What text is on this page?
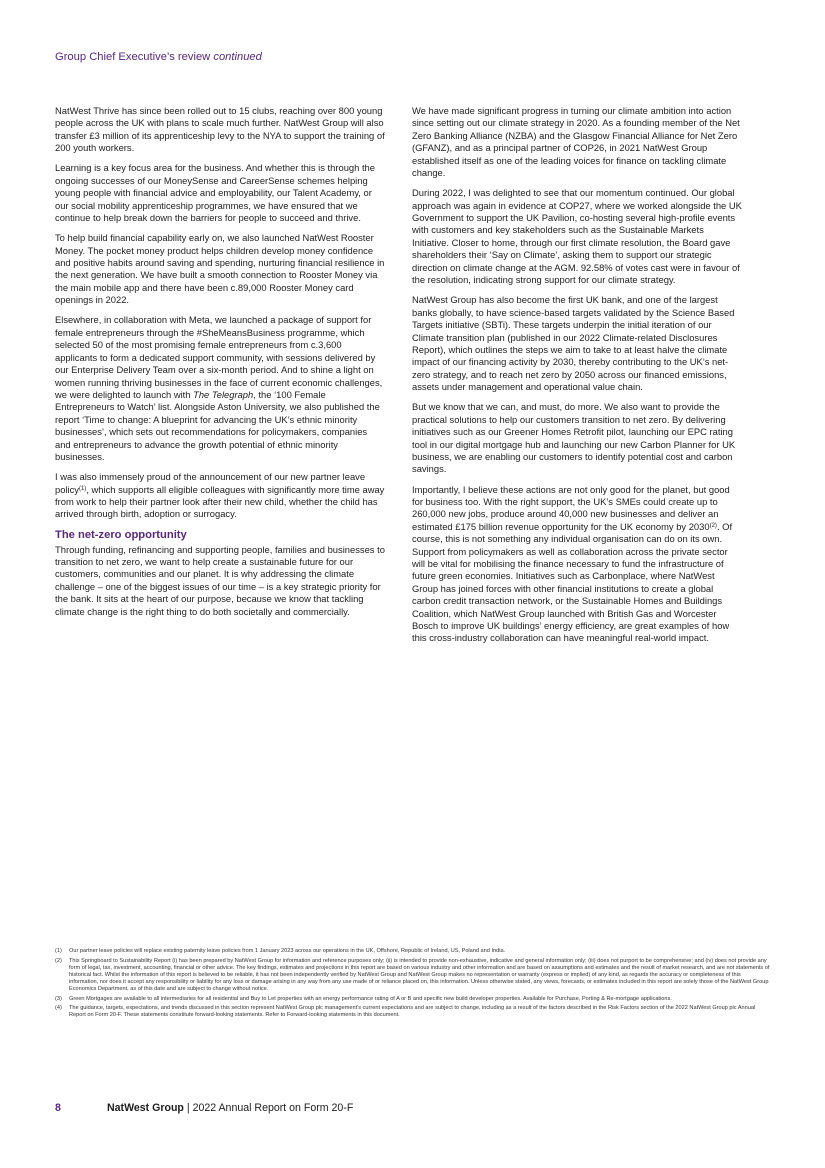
Group Chief Executive’s review continued

NatWest Thrive has since been rolled out to 15 clubs, reaching over 800 young people across the UK with plans to scale much further. NatWest Group will also transfer £3 million of its apprenticeship levy to the NYA to support the training of 200 youth workers.

Learning is a key focus area for the business. And whether this is through the ongoing successes of our MoneySense and CareerSense schemes helping young people with financial advice and employability, our Talent Academy, or our social mobility apprenticeship programmes, we have ensured that we continue to help break down the barriers for people to succeed and thrive.

To help build financial capability early on, we also launched NatWest Rooster Money. The pocket money product helps children develop money confidence and positive habits around saving and spending, nurturing financial resilience in the next generation. We have built a smooth connection to Rooster Money via the main mobile app and there have been c.89,000 Rooster Money card openings in 2022.

Elsewhere, in collaboration with Meta, we launched a package of support for female entrepreneurs through the #SheMeansBusiness programme, which selected 50 of the most promising female entrepreneurs from c.3,600 applicants to form a dedicated support community, with sessions delivered by our Enterprise Delivery Team over a six-month period. And to shine a light on women running thriving businesses in the face of current economic challenges, we were delighted to launch with The Telegraph, the ‘100 Female Entrepreneurs to Watch’ list. Alongside Aston University, we also published the report ‘Time to change: A blueprint for advancing the UK’s ethnic minority businesses’, which sets out recommendations for policymakers, companies and entrepreneurs to advance the growth potential of ethnic minority businesses.

I was also immensely proud of the announcement of our new partner leave policy$^{(1)}$, which supports all eligible colleagues with significantly more time away from work to help their partner look after their new child, whether the child has arrived through birth, adoption or surrogacy.

The net-zero opportunity

Through funding, refinancing and supporting people, families and businesses to transition to net zero, we want to help create a sustainable future for our customers, communities and our planet. It is why addressing the climate challenge – one of the biggest issues of our time – is a key strategic priority for the bank. It sits at the heart of our purpose, because we know that tackling climate change is the right thing to do both societally and commercially.

We have made significant progress in turning our climate ambition into action since setting out our climate strategy in 2020. As a founding member of the Net Zero Banking Alliance (NZBA) and the Glasgow Financial Alliance for Net Zero (GFANZ), and as a principal partner of COP26, in 2021 NatWest Group established itself as one of the leading voices for finance on tackling climate change.

During 2022, I was delighted to see that our momentum continued. Our global approach was again in evidence at COP27, where we worked alongside the UK Government to support the UK Pavilion, co-hosting several high-profile events with customers and key stakeholders such as the Sustainable Markets Initiative. Closer to home, through our first climate resolution, the Board gave shareholders their ‘Say on Climate’, asking them to support our strategic direction on climate change at the AGM. 92.58% of votes cast were in favour of the resolution, indicating strong support for our climate strategy.

NatWest Group has also become the first UK bank, and one of the largest banks globally, to have science-based targets validated by the Science Based Targets initiative (SBTi). These targets underpin the initial iteration of our Climate transition plan (published in our 2022 Climate-related Disclosures Report), which outlines the steps we aim to take to at least halve the climate impact of our financing activity by 2030, thereby contributing to the UK’s net-zero strategy, and to reach net zero by 2050 across our financed emissions, assets under management and operational value chain.

But we know that we can, and must, do more. We also want to provide the practical solutions to help our customers transition to net zero. By delivering initiatives such as our Greener Homes Retrofit pilot, launching our EPC rating tool in our digital mortgage hub and launching our new Carbon Planner for UK business, we are enabling our customers to identify potential cost and carbon savings.

Importantly, I believe these actions are not only good for the planet, but good for business too. With the right support, the UK’s SMEs could create up to 260,000 new jobs, produce around 40,000 new businesses and deliver an estimated £175 billion revenue opportunity for the UK economy by 2030$^{(2)}$. Of course, this is not something any individual organisation can do on its own. Support from policymakers as well as collaboration across the private sector will be vital for mobilising the finance necessary to fund the infrastructure of future green economies. Initiatives such as Carbonplace, where NatWest Group has joined forces with other financial institutions to create a global carbon credit transaction network, or the Sustainable Homes and Buildings Coalition, which NatWest Group launched with British Gas and Worcester Bosch to improve UK buildings’ energy efficiency, are great examples of how this cross-industry collaboration can have meaningful real-world impact.

(1)	Our partner leave policies will replace existing paternity leave policies from 1 January 2023 across our operations in the UK, Offshore, Republic of Ireland, US, Poland and India.
(2)	This Springboard to Sustainability Report (i) has been prepared by NatWest Group for information and reference purposes only; (ii) is intended to provide non-exhaustive, indicative and general information only; (iii) does not purport to be comprehensive; and (iv) does not provide any form of legal, tax, investment, accounting, financial or other advice. The key findings, estimates and projections in this report are based on various industry and other information and are based on assumptions and estimates and the result of market research, and are not statements of historical fact. Whilst the information of this report is believed to be reliable, it has not been independently verified by NatWest Group and NatWest Group makes no representation or warranty (express or implied) of any kind, as regards the accuracy or completeness of this information, nor does it accept any responsibility or liability for any loss or damage arising in any way from any use made of or reliance placed on, this information. Unless otherwise stated, any views, forecasts, or estimates included in this report are solely those of the NatWest Group Economics Department, as of this date and are subject to change without notice.
(3)	Green Mortgages are available to all intermediaries for all residential and Buy to Let properties with an energy performance rating of A or B and specific new build developer properties. Available for Purchase, Porting & Re-mortgage applications.
(4)	The guidance, targets, expectations, and trends discussed in this section represent NatWest Group plc management’s current expectations and are subject to change, including as a result of the factors described in the Risk Factors section of the 2022 NatWest Group plc Annual Report on Form 20-F. These statements constitute forward-looking statements. Refer to Forward-looking statements in this document.
8	NatWest Group | 2022 Annual Report on Form 20-F
